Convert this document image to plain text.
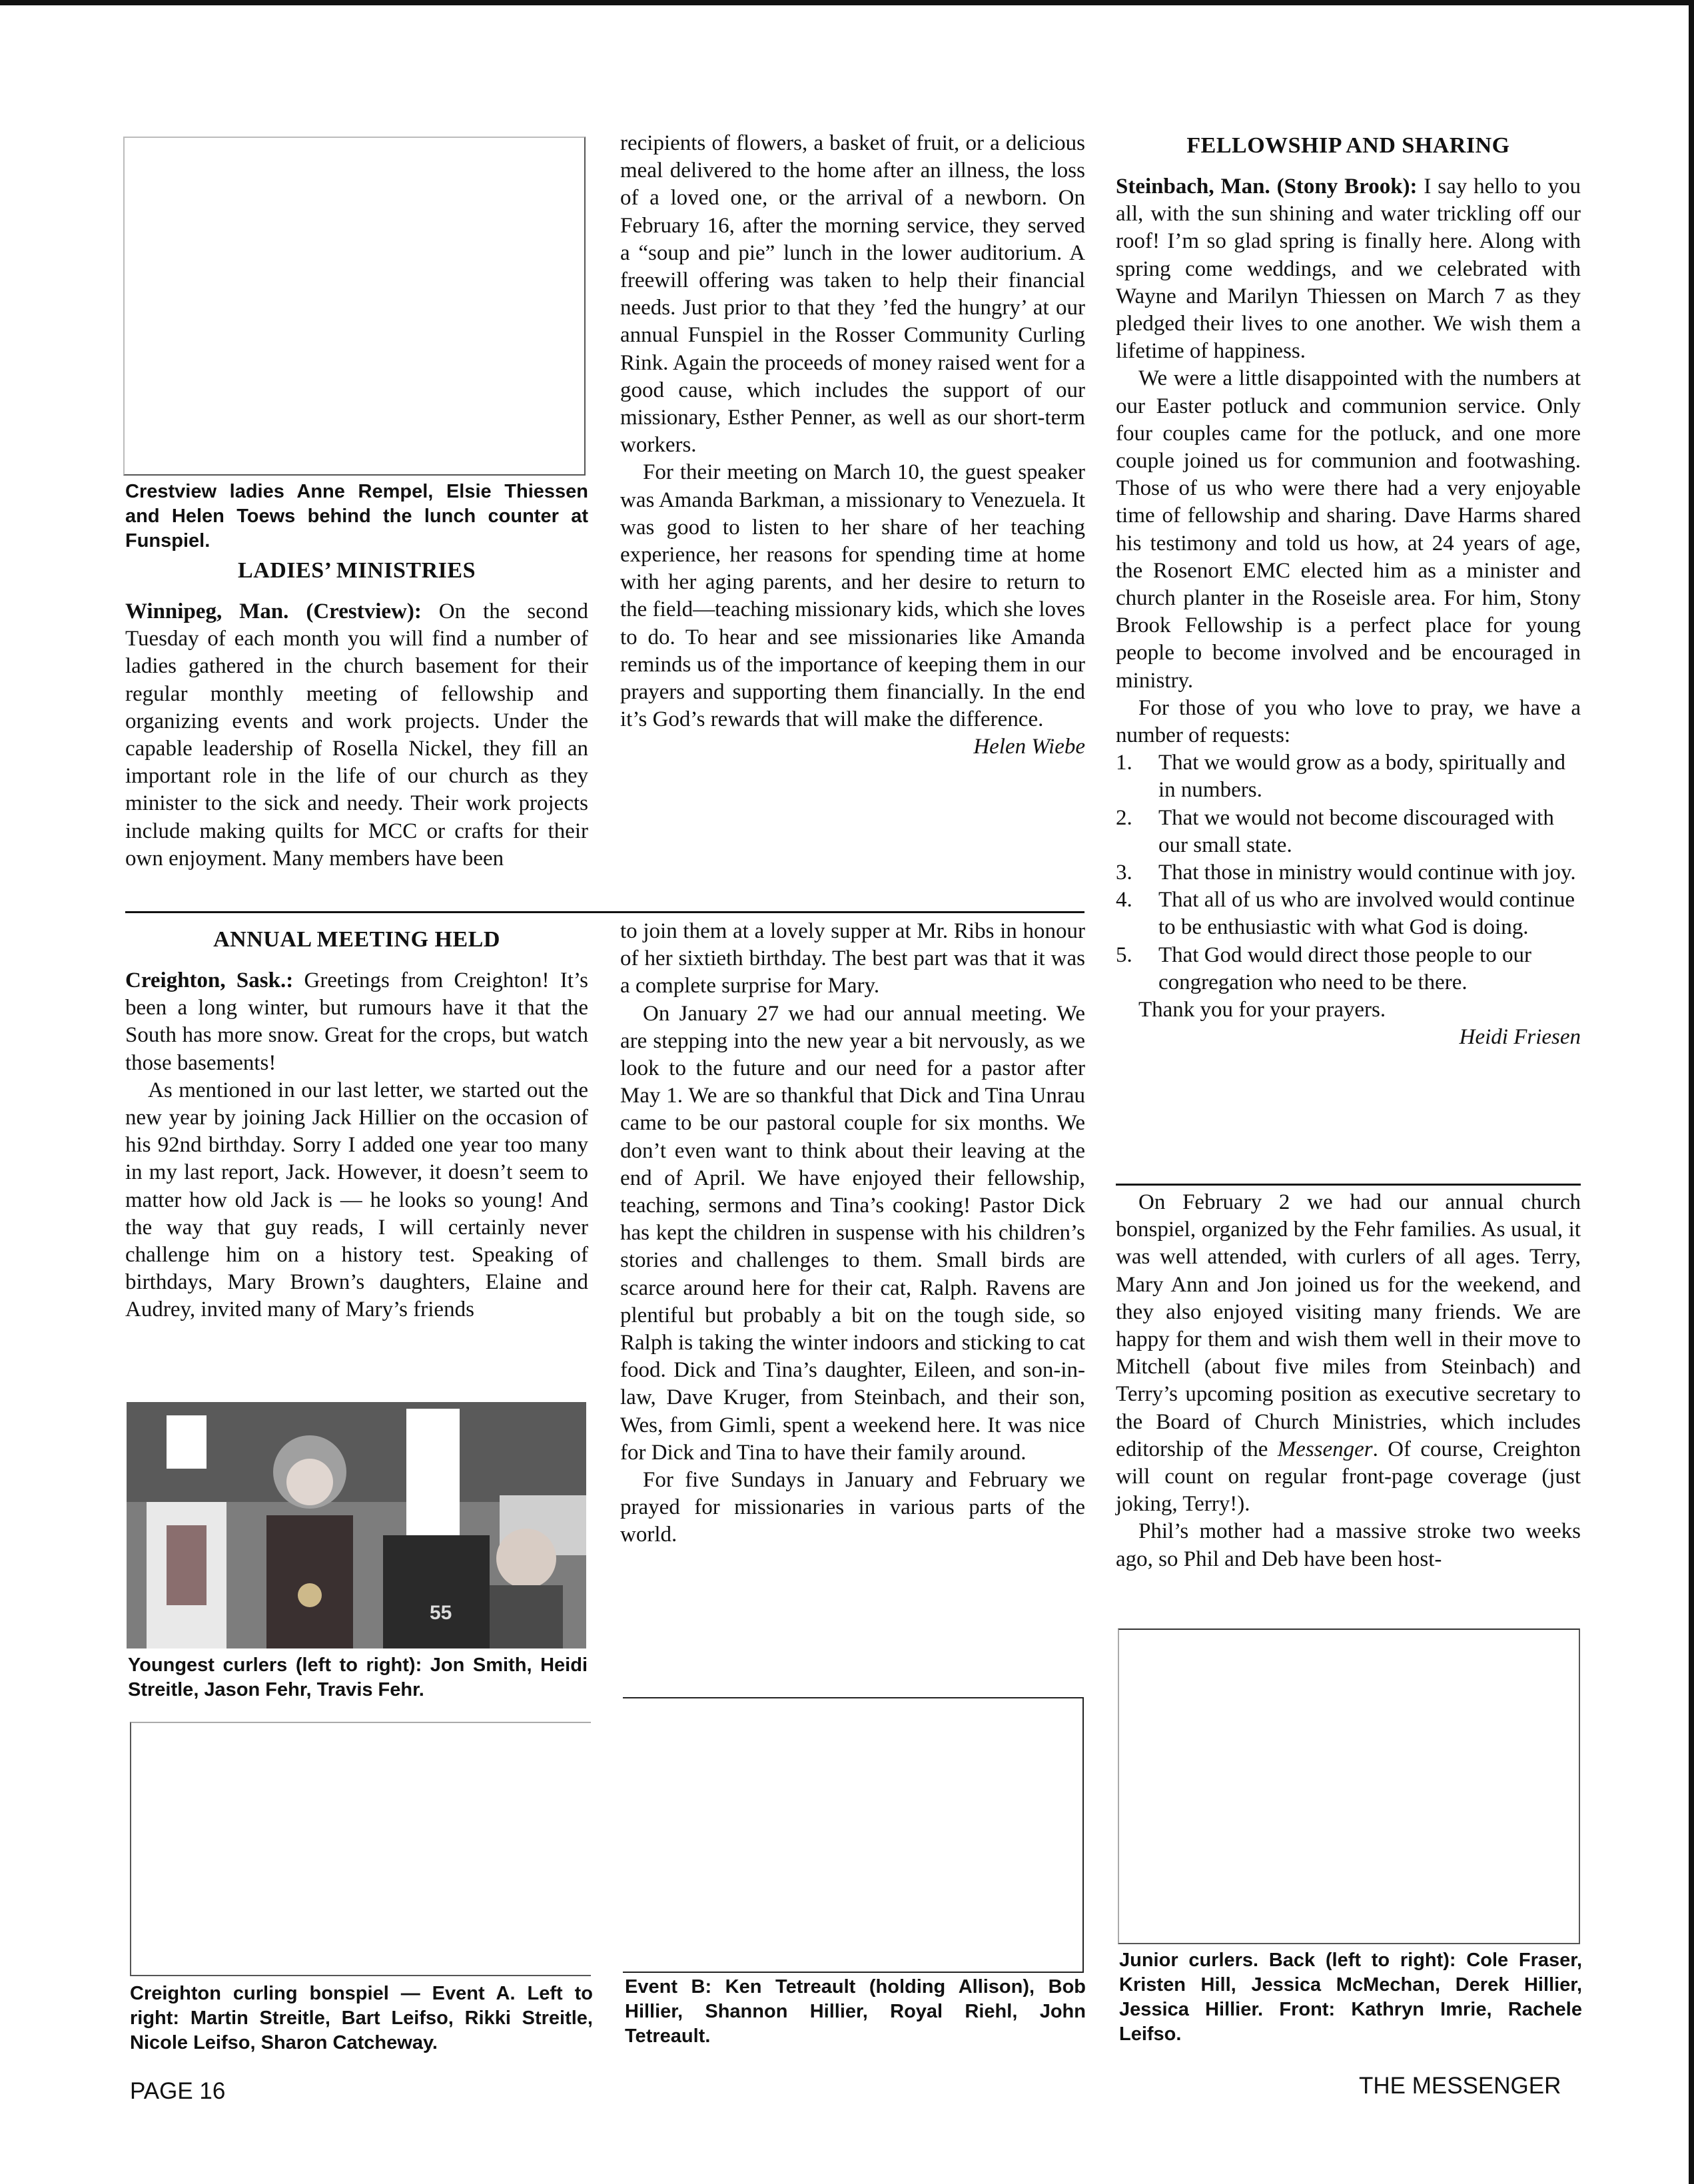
Crestview ladies Anne Rempel, Elsie Thiessen and Helen Toews behind the lunch counter at Funspiel.

LADIES’ MINISTRIES

Winnipeg, Man. (Crestview): On the second Tuesday of each month you will find a number of ladies gathered in the church basement for their regular monthly meeting of fellowship and organizing events and work projects. Under the capable leadership of Rosella Nickel, they fill an important role in the life of our church as they minister to the sick and needy. Their work projects include making quilts for MCC or crafts for their own enjoyment. Many members have been

ANNUAL MEETING HELD

Creighton, Sask.: Greetings from Creighton! It’s been a long winter, but rumours have it that the South has more snow. Great for the crops, but watch those basements!

As mentioned in our last letter, we started out the new year by joining Jack Hillier on the occasion of his 92nd birthday. Sorry I added one year too many in my last report, Jack. However, it doesn’t seem to matter how old Jack is — he looks so young! And the way that guy reads, I will certainly never challenge him on a history test. Speaking of birthdays, Mary Brown’s daughters, Elaine and Audrey, invited many of Mary’s friends

55

Youngest curlers (left to right): Jon Smith, Heidi Streitle, Jason Fehr, Travis Fehr.

Creighton curling bonspiel — Event A. Left to right: Martin Streitle, Bart Leifso, Rikki Streitle, Nicole Leifso, Sharon Catcheway.

recipients of flowers, a basket of fruit, or a delicious meal delivered to the home after an illness, the loss of a loved one, or the arrival of a newborn. On February 16, after the morning service, they served a “soup and pie” lunch in the lower auditorium. A freewill offering was taken to help their financial needs. Just prior to that they ’fed the hungry’ at our annual Funspiel in the Rosser Community Curling Rink. Again the proceeds of money raised went for a good cause, which includes the support of our missionary, Esther Penner, as well as our short-term workers.

For their meeting on March 10, the guest speaker was Amanda Barkman, a missionary to Venezuela. It was good to listen to her share of her teaching experience, her reasons for spending time at home with her aging parents, and her desire to return to the field—teaching missionary kids, which she loves to do. To hear and see missionaries like Amanda reminds us of the importance of keeping them in our prayers and supporting them financially. In the end it’s God’s rewards that will make the difference.

Helen Wiebe

to join them at a lovely supper at Mr. Ribs in honour of her sixtieth birthday. The best part was that it was a complete surprise for Mary.

On January 27 we had our annual meeting. We are stepping into the new year a bit nervously, as we look to the future and our need for a pastor after May 1. We are so thankful that Dick and Tina Unrau came to be our pastoral couple for six months. We don’t even want to think about their leaving at the end of April. We have enjoyed their fellowship, teaching, sermons and Tina’s cooking! Pastor Dick has kept the children in suspense with his children’s stories and challenges to them. Small birds are scarce around here for their cat, Ralph. Ravens are plentiful but probably a bit on the tough side, so Ralph is taking the winter indoors and sticking to cat food. Dick and Tina’s daughter, Eileen, and son-in-law, Dave Kruger, from Steinbach, and their son, Wes, from Gimli, spent a weekend here. It was nice for Dick and Tina to have their family around.

For five Sundays in January and February we prayed for missionaries in various parts of the world.

Event B: Ken Tetreault (holding Allison), Bob Hillier, Shannon Hillier, Royal Riehl, John Tetreault.

FELLOWSHIP AND SHARING

Steinbach, Man. (Stony Brook): I say hello to you all, with the sun shining and water trickling off our roof! I’m so glad spring is finally here. Along with spring come weddings, and we celebrated with Wayne and Marilyn Thiessen on March 7 as they pledged their lives to one another. We wish them a lifetime of happiness.

We were a little disappointed with the numbers at our Easter potluck and communion service. Only four couples came for the potluck, and one more couple joined us for communion and footwashing. Those of us who were there had a very enjoyable time of fellowship and sharing. Dave Harms shared his testimony and told us how, at 24 years of age, the Rosenort EMC elected him as a minister and church planter in the Roseisle area. For him, Stony Brook Fellowship is a perfect place for young people to become involved and be encouraged in ministry.

For those of you who love to pray, we have a number of requests:

1. That we would grow as a body, spiritually and in numbers.
2. That we would not become discouraged with our small state.
3. That those in ministry would continue with joy.
4. That all of us who are involved would continue to be enthusiastic with what God is doing.
5. That God would direct those people to our congregation who need to be there.

Thank you for your prayers.

Heidi Friesen

On February 2 we had our annual church bonspiel, organized by the Fehr families. As usual, it was well attended, with curlers of all ages. Terry, Mary Ann and Jon joined us for the weekend, and they also enjoyed visiting many friends. We are happy for them and wish them well in their move to Mitchell (about five miles from Steinbach) and Terry’s upcoming position as executive secretary to the Board of Church Ministries, which includes editorship of the Messenger. Of course, Creighton will count on regular front-page coverage (just joking, Terry!).

Phil’s mother had a massive stroke two weeks ago, so Phil and Deb have been host-

Junior curlers. Back (left to right): Cole Fraser, Kristen Hill, Jessica McMechan, Derek Hillier, Jessica Hillier. Front: Kathryn Imrie, Rachele Leifso.

PAGE 16	THE MESSENGER
